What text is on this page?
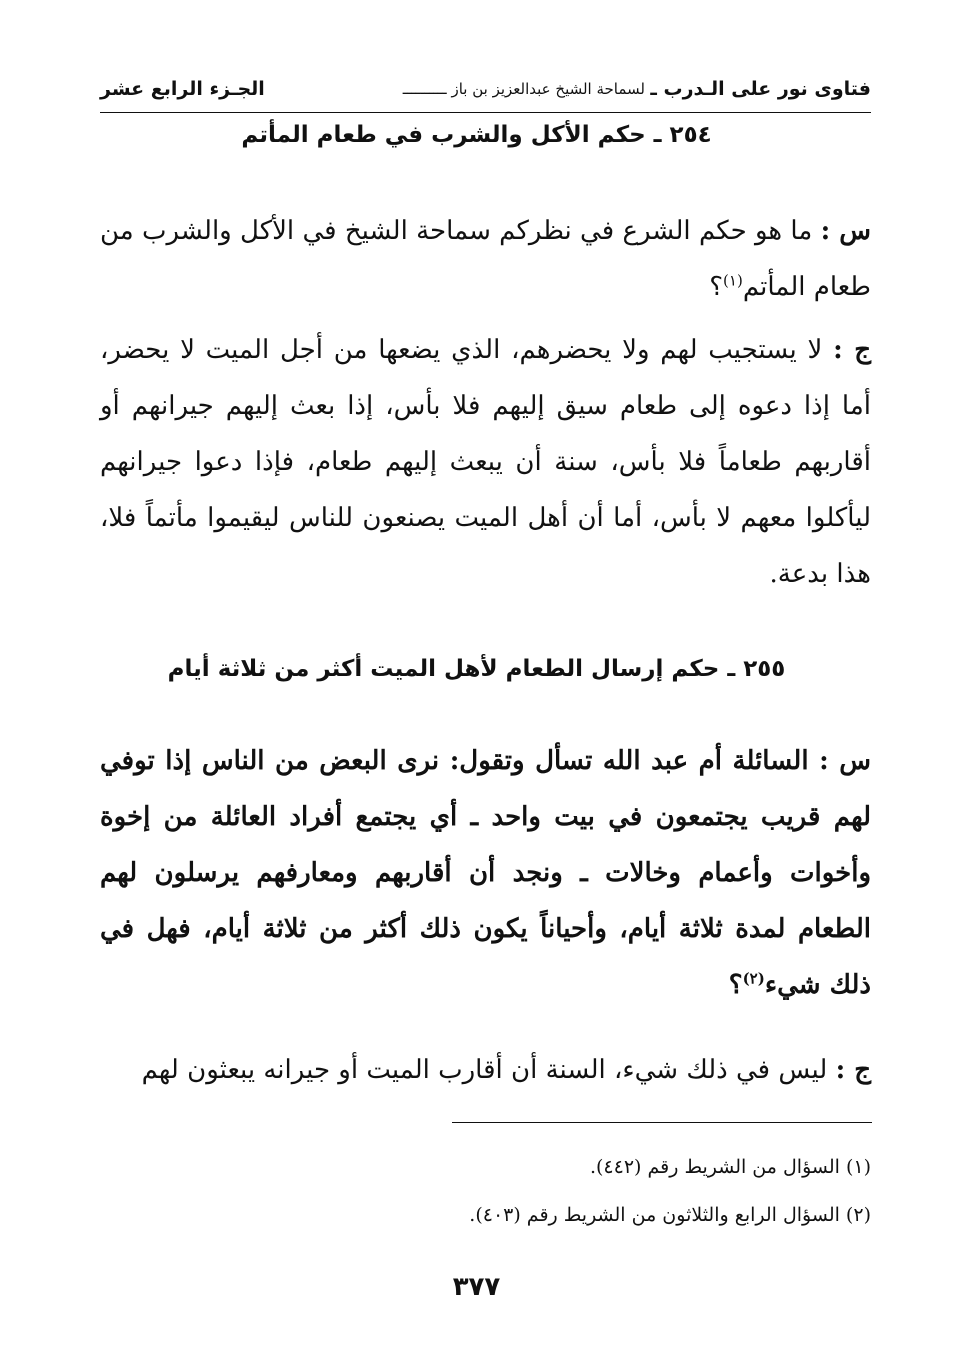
فتاوى نور على الـدرب ـ
لسماحة الشيخ عبدالعزيز بن باز ــــــــــ
الجـزء الرابع عشر
٢٥٤ ـ حكم الأكل والشرب في طعام المأتم

س : ما هو حكم الشرع في نظركم سماحة الشيخ في الأكل والشرب من طعام المأتم$^{(١)}$؟

ج : لا يستجيب لهم ولا يحضرهم، الذي يضعها من أجل الميت لا يحضر، أما إذا دعوه إلى طعام سيق إليهم فلا بأس، إذا بعث إليهم جيرانهم أو أقاربهم طعاماً فلا بأس، سنة أن يبعث إليهم طعام، فإذا دعوا جيرانهم ليأكلوا معهم لا بأس، أما أن أهل الميت يصنعون للناس ليقيموا مأتماً فلا، هذا بدعة.

٢٥٥ ـ حكم إرسال الطعام لأهل الميت أكثر من ثلاثة أيام

س : السائلة أم عبد الله تسأل وتقول: نرى البعض من الناس إذا توفي لهم قريب يجتمعون في بيت واحد ـ أي يجتمع أفراد العائلة من إخوة وأخوات وأعمام وخالات ـ ونجد أن أقاربهم ومعارفهم يرسلون لهم الطعام لمدة ثلاثة أيام، وأحياناً يكون ذلك أكثر من ثلاثة أيام، فهل في ذلك شيء$^{(٢)}$؟

ج : ليس في ذلك شيء، السنة أن أقارب الميت أو جيرانه يبعثون لهم

(١) السؤال من الشريط رقم (٤٤٢).
(٢) السؤال الرابع والثلاثون من الشريط رقم (٤٠٣).
٣٧٧
